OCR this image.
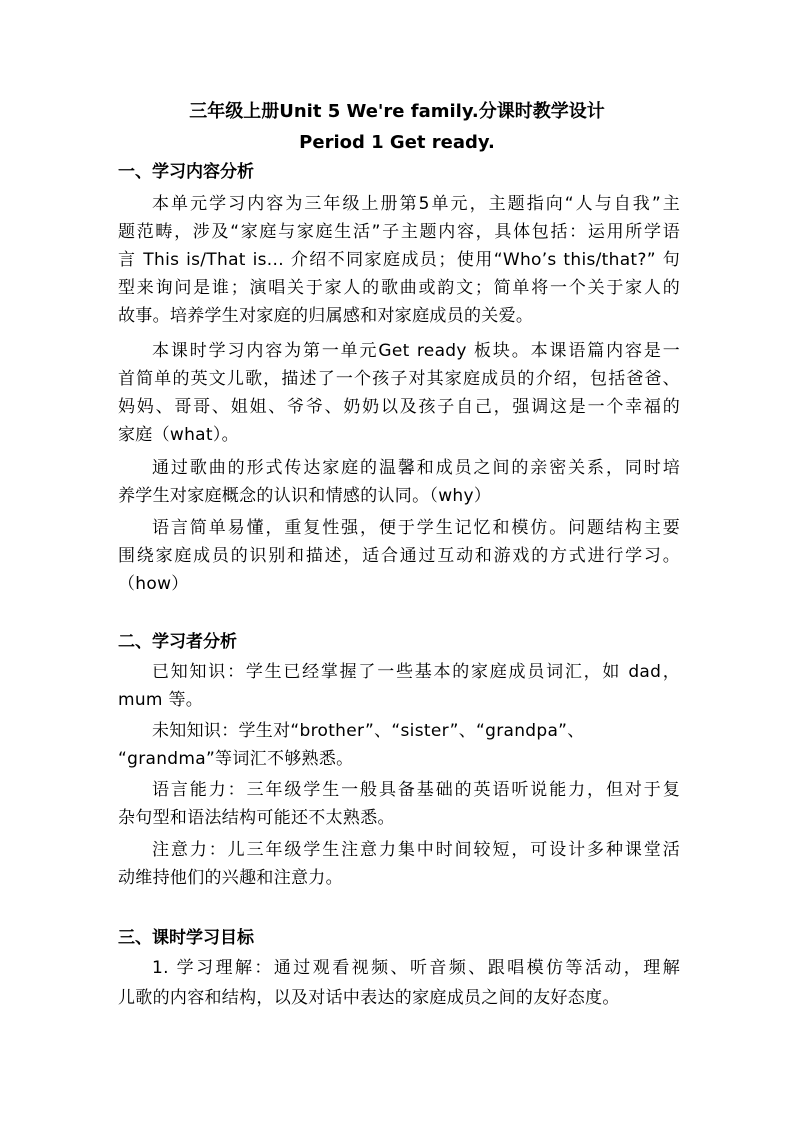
三年级上册Unit 5 We're family.分课时教学设计
Period 1 Get ready.
一、学习内容分析
本单元学习内容为三年级上册第5单元，主题指向“人与自我”主
题范畴，涉及“家庭与家庭生活”子主题内容，具体包括：运用所学语
言 This is/That is... 介绍不同家庭成员；使用“Who’s this/that?” 句
型来询问是谁；演唱关于家人的歌曲或韵文；简单将一个关于家人的
故事。培养学生对家庭的归属感和对家庭成员的关爱。
本课时学习内容为第一单元Get ready 板块。本课语篇内容是一
首简单的英文儿歌，描述了一个孩子对其家庭成员的介绍，包括爸爸、
妈妈、哥哥、姐姐、爷爷、奶奶以及孩子自己，强调这是一个幸福的
家庭（what）。
通过歌曲的形式传达家庭的温馨和成员之间的亲密关系，同时培
养学生对家庭概念的认识和情感的认同。（why）
语言简单易懂，重复性强，便于学生记忆和模仿。问题结构主要
围绕家庭成员的识别和描述，适合通过互动和游戏的方式进行学习。
（how）
二、学习者分析
已知知识：学生已经掌握了一些基本的家庭成员词汇，如 dad，
mum 等。
未知知识：学生对“brother”、“sister”、“grandpa”、
“grandma”等词汇不够熟悉。
语言能力：三年级学生一般具备基础的英语听说能力，但对于复
杂句型和语法结构可能还不太熟悉。
注意力：儿三年级学生注意力集中时间较短，可设计多种课堂活
动维持他们的兴趣和注意力。
三、课时学习目标
1. 学习理解：通过观看视频、听音频、跟唱模仿等活动，理解
儿歌的内容和结构，以及对话中表达的家庭成员之间的友好态度。
